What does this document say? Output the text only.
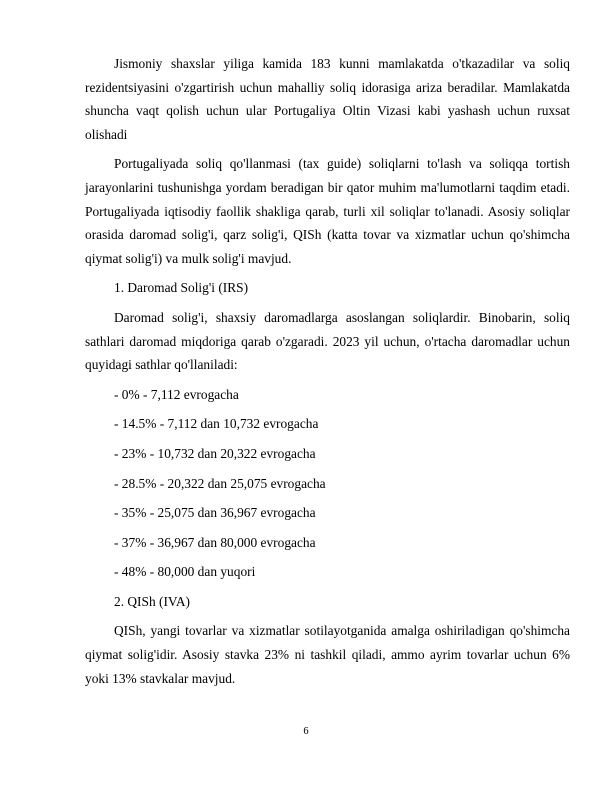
Jismoniy shaxslar yiliga kamida 183 kunni mamlakatda o'tkazadilar va soliq rezidentsiyasini o'zgartirish uchun mahalliy soliq idorasiga ariza beradilar. Mamlakatda shuncha vaqt qolish uchun ular Portugaliya Oltin Vizasi kabi yashash uchun ruxsat olishadi

Portugaliyada soliq qo'llanmasi (tax guide) soliqlarni to'lash va soliqqa tortish jarayonlarini tushunishga yordam beradigan bir qator muhim ma'lumotlarni taqdim etadi. Portugaliyada iqtisodiy faollik shakliga qarab, turli xil soliqlar to'lanadi. Asosiy soliqlar orasida daromad solig'i, qarz solig'i, QISh (katta tovar va xizmatlar uchun qo'shimcha qiymat solig'i) va mulk solig'i mavjud.

1. Daromad Solig'i (IRS)

Daromad solig'i, shaxsiy daromadlarga asoslangan soliqlardir. Binobarin, soliq sathlari daromad miqdoriga qarab o'zgaradi. 2023 yil uchun, o'rtacha daromadlar uchun quyidagi sathlar qo'llaniladi:

- 0% - 7,112 evrogacha

- 14.5% - 7,112 dan 10,732 evrogacha

- 23% - 10,732 dan 20,322 evrogacha

- 28.5% - 20,322 dan 25,075 evrogacha

- 35% - 25,075 dan 36,967 evrogacha

- 37% - 36,967 dan 80,000 evrogacha

- 48% - 80,000 dan yuqori

2. QISh (IVA)

QISh, yangi tovarlar va xizmatlar sotilayotganida amalga oshiriladigan qo'shimcha qiymat solig'idir. Asosiy stavka 23% ni tashkil qiladi, ammo ayrim tovarlar uchun 6% yoki 13% stavkalar mavjud.

6
